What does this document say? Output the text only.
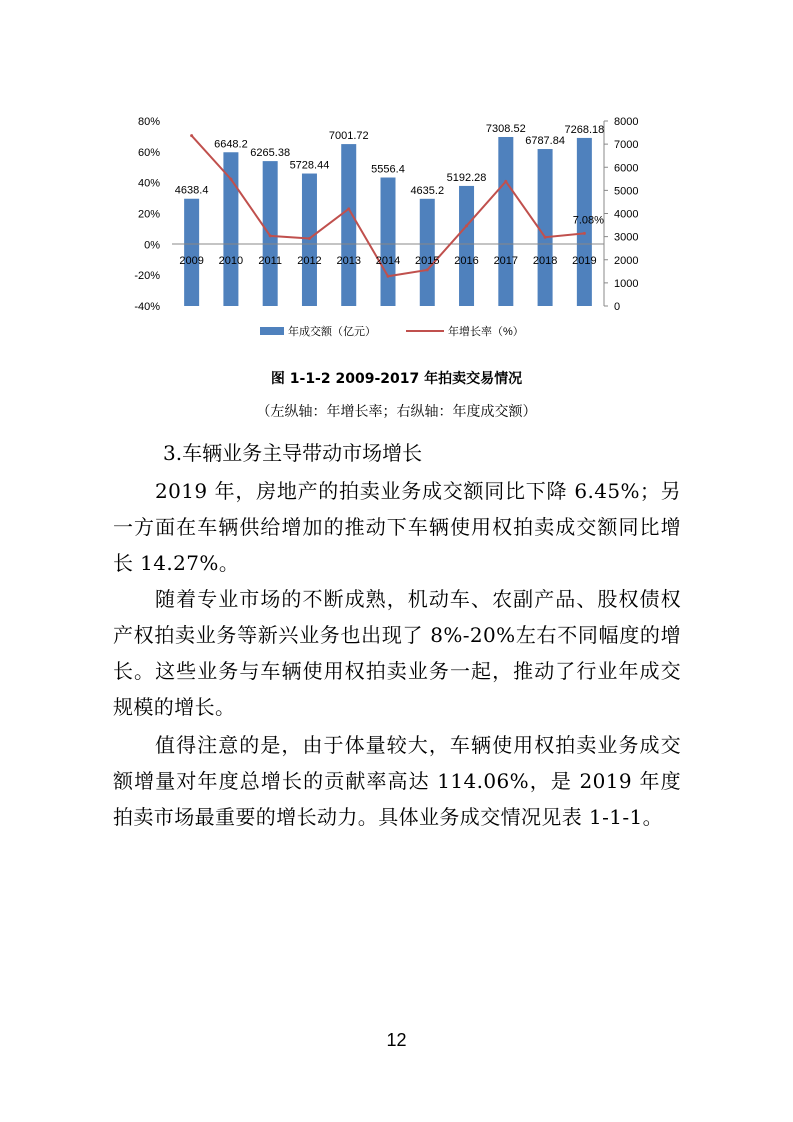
80%
60%
40%
20%
0%
-20%
-40%
8000
7000
6000
5000
4000
3000
2000
1000
0
2009 2010 2011 2012 2013 2014 2015 2016 2017 2018 2019
4638.4
6648.2
6265.38
5728.44
7001.72
5556.4
4635.2
5192.28
7308.52
6787.84
7268.18
7.08%
年成交额（亿元）	年增长率（%）
图 1-1-2 2009-2017 年拍卖交易情况
（左纵轴：年增长率；右纵轴：年度成交额）

3.车辆业务主导带动市场增长

2019 年，房地产的拍卖业务成交额同比下降 6.45%；另一方面在车辆供给增加的推动下车辆使用权拍卖成交额同比增长 14.27%。

随着专业市场的不断成熟，机动车、农副产品、股权债权产权拍卖业务等新兴业务也出现了 8%-20%左右不同幅度的增长。这些业务与车辆使用权拍卖业务一起，推动了行业年成交规模的增长。

值得注意的是，由于体量较大，车辆使用权拍卖业务成交额增量对年度总增长的贡献率高达 114.06%，是 2019 年度拍卖市场最重要的增长动力。具体业务成交情况见表 1-1-1。

12
